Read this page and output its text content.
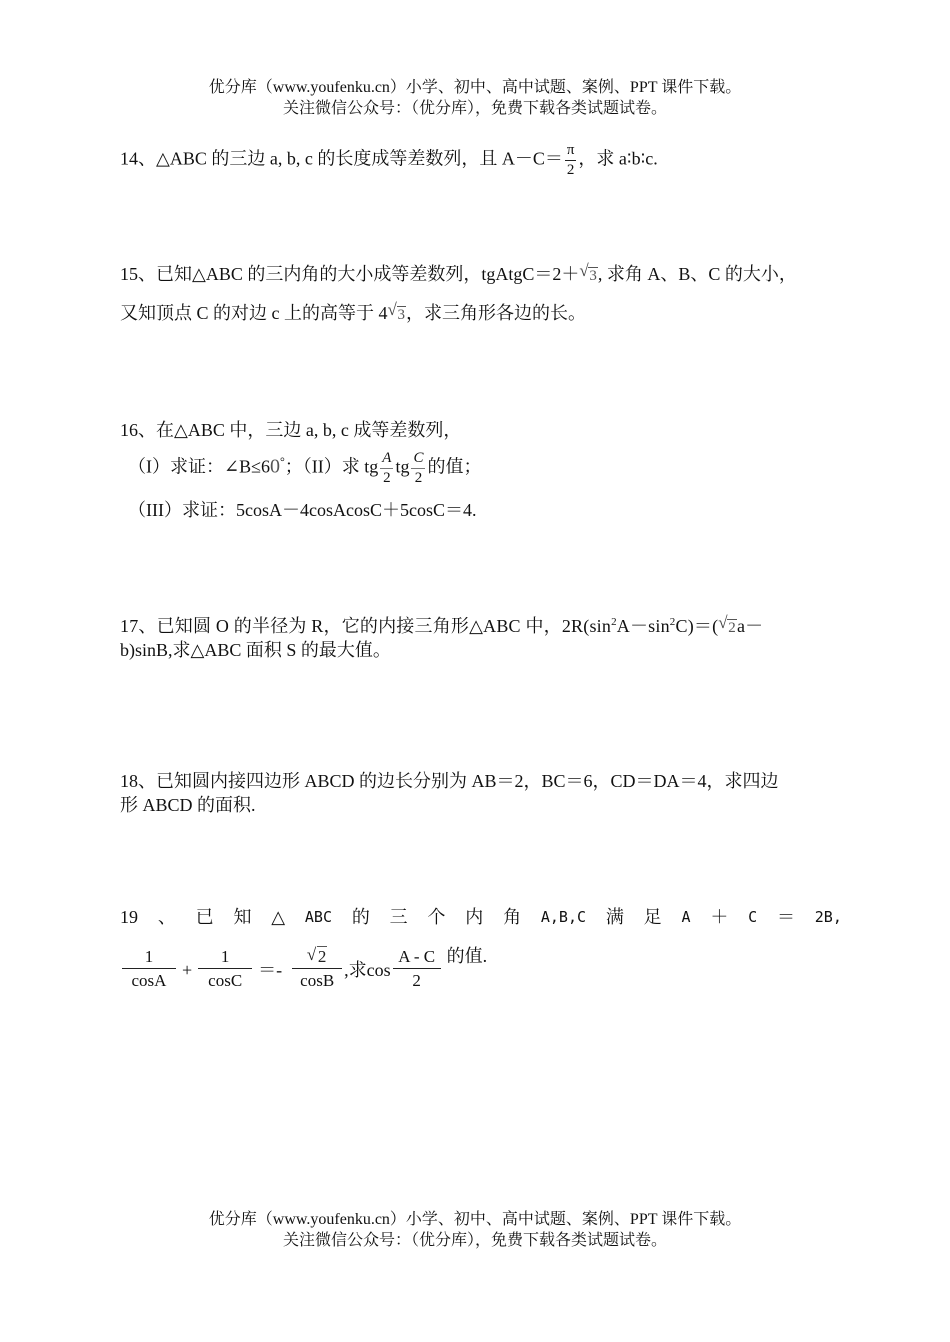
优分库（www.youfenku.cn）小学、初中、高中试题、案例、PPT 课件下载。
关注微信公众号：（优分库），免费下载各类试题试卷。
14、△ABC 的三边 a, b, c 的长度成等差数列，且 $A-C= \frac{\pi}{2}$ ，求 a∶b∶c.
15、已知△ABC 的三内角的大小成等差数列，tgAtgC＝2＋ √ 3, 求角 A、B、C 的大小，
又知顶点 C 的对边 c 上的高等于 4 √ 3，求三角形各边的长。
16、在△ABC 中，三边 a, b, c 成等差数列，
（I）求证：∠B≤60°；（II）求 tg $\frac{A}{2}$ tg $\frac{C}{2}$ 的值；
（III）求证：5cosA－4cosAcosC＋5cosC＝4.
17、已知圆 O 的半径为 R，它的内接三角形△ABC 中，$2R(\sin^2A-\sin^2C)=$( √ 2a－
b)sinB,求△ABC 面积 S 的最大值。
18、已知圆内接四边形 ABCD 的边长分别为 AB＝2，BC＝6，CD＝DA＝4，求四边
形 ABCD 的面积.
19 、 已 知 △ ABC 的 三 个 内 角 A,B,C 满 足 A ＋ C ＝ 2B,
$\frac{1}{\cos A} + \frac{1}{\cos C} =- \frac{√ 2}{\cos B}$ ,求$\cos \frac{A - C}{2}$ 的值.
优分库（www.youfenku.cn）小学、初中、高中试题、案例、PPT 课件下载。
关注微信公众号：（优分库），免费下载各类试题试卷。
